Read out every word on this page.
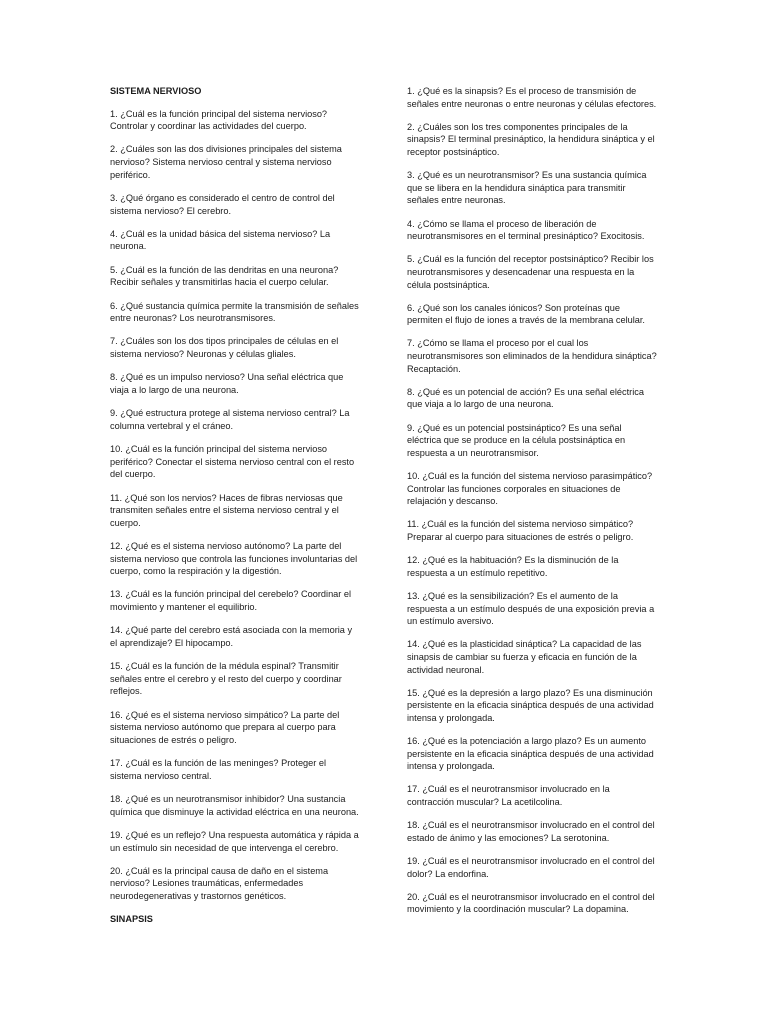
SISTEMA NERVIOSO
1. ¿Cuál es la función principal del sistema nervioso? Controlar y coordinar las actividades del cuerpo.
2. ¿Cuáles son las dos divisiones principales del sistema nervioso? Sistema nervioso central y sistema nervioso periférico.
3. ¿Qué órgano es considerado el centro de control del sistema nervioso? El cerebro.
4. ¿Cuál es la unidad básica del sistema nervioso? La neurona.
5. ¿Cuál es la función de las dendritas en una neurona? Recibir señales y transmitirlas hacia el cuerpo celular.
6. ¿Qué sustancia química permite la transmisión de señales entre neuronas? Los neurotransmisores.
7. ¿Cuáles son los dos tipos principales de células en el sistema nervioso? Neuronas y células gliales.
8. ¿Qué es un impulso nervioso? Una señal eléctrica que viaja a lo largo de una neurona.
9. ¿Qué estructura protege al sistema nervioso central? La columna vertebral y el cráneo.
10. ¿Cuál es la función principal del sistema nervioso periférico? Conectar el sistema nervioso central con el resto del cuerpo.
11. ¿Qué son los nervios? Haces de fibras nerviosas que transmiten señales entre el sistema nervioso central y el cuerpo.
12. ¿Qué es el sistema nervioso autónomo? La parte del sistema nervioso que controla las funciones involuntarias del cuerpo, como la respiración y la digestión.
13. ¿Cuál es la función principal del cerebelo? Coordinar el movimiento y mantener el equilibrio.
14. ¿Qué parte del cerebro está asociada con la memoria y el aprendizaje? El hipocampo.
15. ¿Cuál es la función de la médula espinal? Transmitir señales entre el cerebro y el resto del cuerpo y coordinar reflejos.
16. ¿Qué es el sistema nervioso simpático? La parte del sistema nervioso autónomo que prepara al cuerpo para situaciones de estrés o peligro.
17. ¿Cuál es la función de las meninges? Proteger el sistema nervioso central.
18. ¿Qué es un neurotransmisor inhibidor? Una sustancia química que disminuye la actividad eléctrica en una neurona.
19. ¿Qué es un reflejo? Una respuesta automática y rápida a un estímulo sin necesidad de que intervenga el cerebro.
20. ¿Cuál es la principal causa de daño en el sistema nervioso? Lesiones traumáticas, enfermedades neurodegenerativas y trastornos genéticos.
SINAPSIS
1. ¿Qué es la sinapsis? Es el proceso de transmisión de señales entre neuronas o entre neuronas y células efectores.
2. ¿Cuáles son los tres componentes principales de la sinapsis? El terminal presináptico, la hendidura sináptica y el receptor postsináptico.
3. ¿Qué es un neurotransmisor? Es una sustancia química que se libera en la hendidura sináptica para transmitir señales entre neuronas.
4. ¿Cómo se llama el proceso de liberación de neurotransmisores en el terminal presináptico? Exocitosis.
5. ¿Cuál es la función del receptor postsináptico? Recibir los neurotransmisores y desencadenar una respuesta en la célula postsináptica.
6. ¿Qué son los canales iónicos? Son proteínas que permiten el flujo de iones a través de la membrana celular.
7. ¿Cómo se llama el proceso por el cual los neurotransmisores son eliminados de la hendidura sináptica? Recaptación.
8. ¿Qué es un potencial de acción? Es una señal eléctrica que viaja a lo largo de una neurona.
9. ¿Qué es un potencial postsináptico? Es una señal eléctrica que se produce en la célula postsináptica en respuesta a un neurotransmisor.
10. ¿Cuál es la función del sistema nervioso parasimpático? Controlar las funciones corporales en situaciones de relajación y descanso.
11. ¿Cuál es la función del sistema nervioso simpático? Preparar al cuerpo para situaciones de estrés o peligro.
12. ¿Qué es la habituación? Es la disminución de la respuesta a un estímulo repetitivo.
13. ¿Qué es la sensibilización? Es el aumento de la respuesta a un estímulo después de una exposición previa a un estímulo aversivo.
14. ¿Qué es la plasticidad sináptica? La capacidad de las sinapsis de cambiar su fuerza y eficacia en función de la actividad neuronal.
15. ¿Qué es la depresión a largo plazo? Es una disminución persistente en la eficacia sináptica después de una actividad intensa y prolongada.
16. ¿Qué es la potenciación a largo plazo? Es un aumento persistente en la eficacia sináptica después de una actividad intensa y prolongada.
17. ¿Cuál es el neurotransmisor involucrado en la contracción muscular? La acetilcolina.
18. ¿Cuál es el neurotransmisor involucrado en el control del estado de ánimo y las emociones? La serotonina.
19. ¿Cuál es el neurotransmisor involucrado en el control del dolor? La endorfina.
20. ¿Cuál es el neurotransmisor involucrado en el control del movimiento y la coordinación muscular? La dopamina.
